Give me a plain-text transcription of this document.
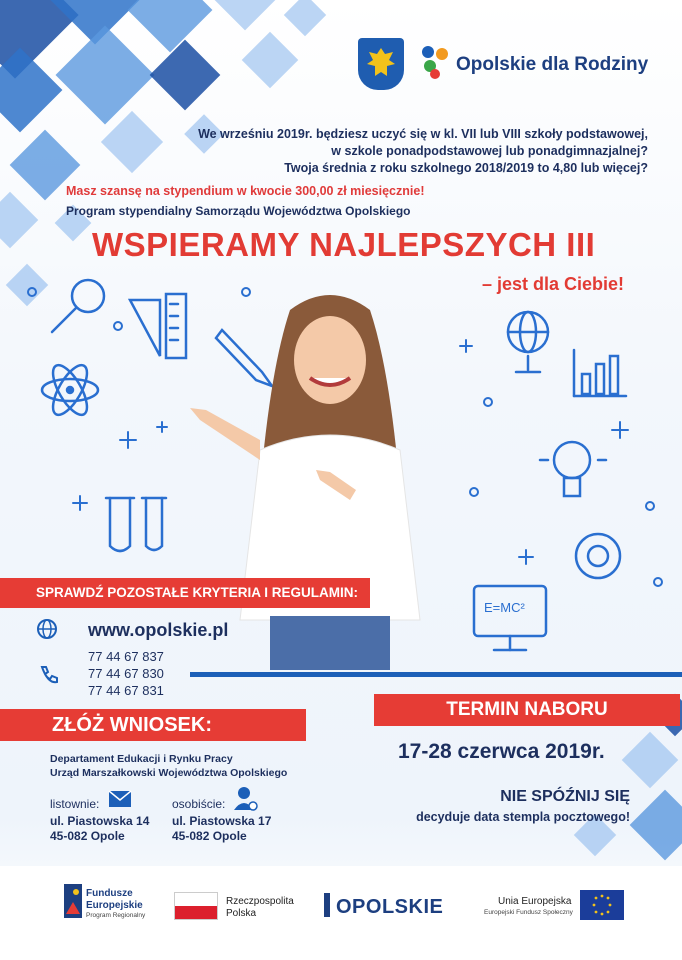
Opolskie dla Rodziny
We wrześniu 2019r. będziesz uczyć się w kl. VII lub VIII szkoły podstawowej,
w szkole ponadpodstawowej lub ponadgimnazjalnej?
Twoja średnia z roku szkolnego 2018/2019 to 4,80 lub więcej?
Masz szansę na stypendium w kwocie 300,00 zł miesięcznie!
Program stypendialny Samorządu Województwa Opolskiego
WSPIERAMY NAJLEPSZYCH III
– jest dla Ciebie!
E=MC²
SPRAWDŹ POZOSTAŁE KRYTERIA I REGULAMIN:
www.opolskie.pl
77 44 67 837
77 44 67 830
77 44 67 831
ZŁÓŻ WNIOSEK:
Departament Edukacji i Rynku Pracy
Urząd Marszałkowski Województwa Opolskiego
listownie:
ul. Piastowska 14
45-082 Opole
osobiście:
ul. Piastowska 17
45-082 Opole
TERMIN NABORU
17-28 czerwca 2019r.
NIE SPÓŹNIJ SIĘ
decyduje data stempla pocztowego!
Fundusze
Europejskie
Program Regionalny
Rzeczpospolita
Polska	OPOLSKIE	Unia Europejska
Europejski Fundusz Społeczny
